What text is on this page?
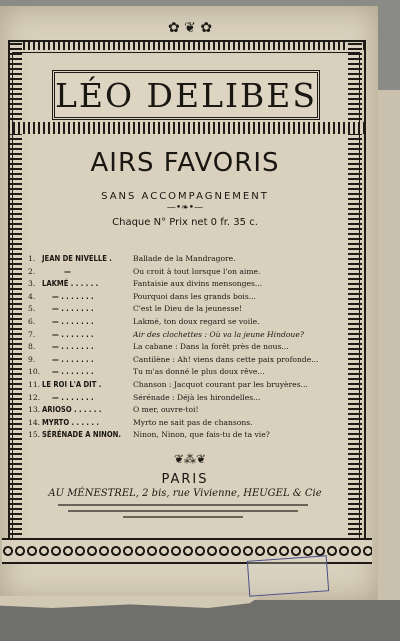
✿ ❦ ✿
LÉO DELIBES
AIRS FAVORIS
SANS ACCOMPAGNEMENT
—•❧•—
Chaque N° Prix net 0 fr. 35 c.
1. JEAN DE NIVELLE .	Ballade de la Mandragore.
2.	—	Ou croit à tout lorsque l'on aime.
3. LAKMÉ . . . . . .	Fantaisie aux divins mensonges...
4.	— . . . . . . .	Pourquoi dans les grands bois...
5.	— . . . . . . .	C'est le Dieu de la jeunesse!
6.	— . . . . . . .	Lakmé, ton doux regard se voile.
7.	— . . . . . . .	Air des clochettes : Où va la jeune Hindoue?
8.	— . . . . . . .	La cabane : Dans la forêt près de nous...
9.	— . . . . . . .	Cantilène : Ah! viens dans cette paix profonde...
10.	— . . . . . . .	Tu m'as donné le plus doux rêve...
11. LE ROI L'A DIT .	Chanson : Jacquot courant par les bruyères...
12.	— . . . . . . .	Sérénade : Déjà les hirondelles...
13. ARIOSO . . . . . .	O mer, ouvre-toi!
14. MYRTO . . . . . .	Myrto ne sait pas de chansons.
15. SÉRÉNADE A NINON.	Ninon, Ninon, que fais-tu de ta vie?
❦⁂❦
PARIS
AU MÉNESTREL, 2 bis, rue Vivienne, HEUGEL & Cie
